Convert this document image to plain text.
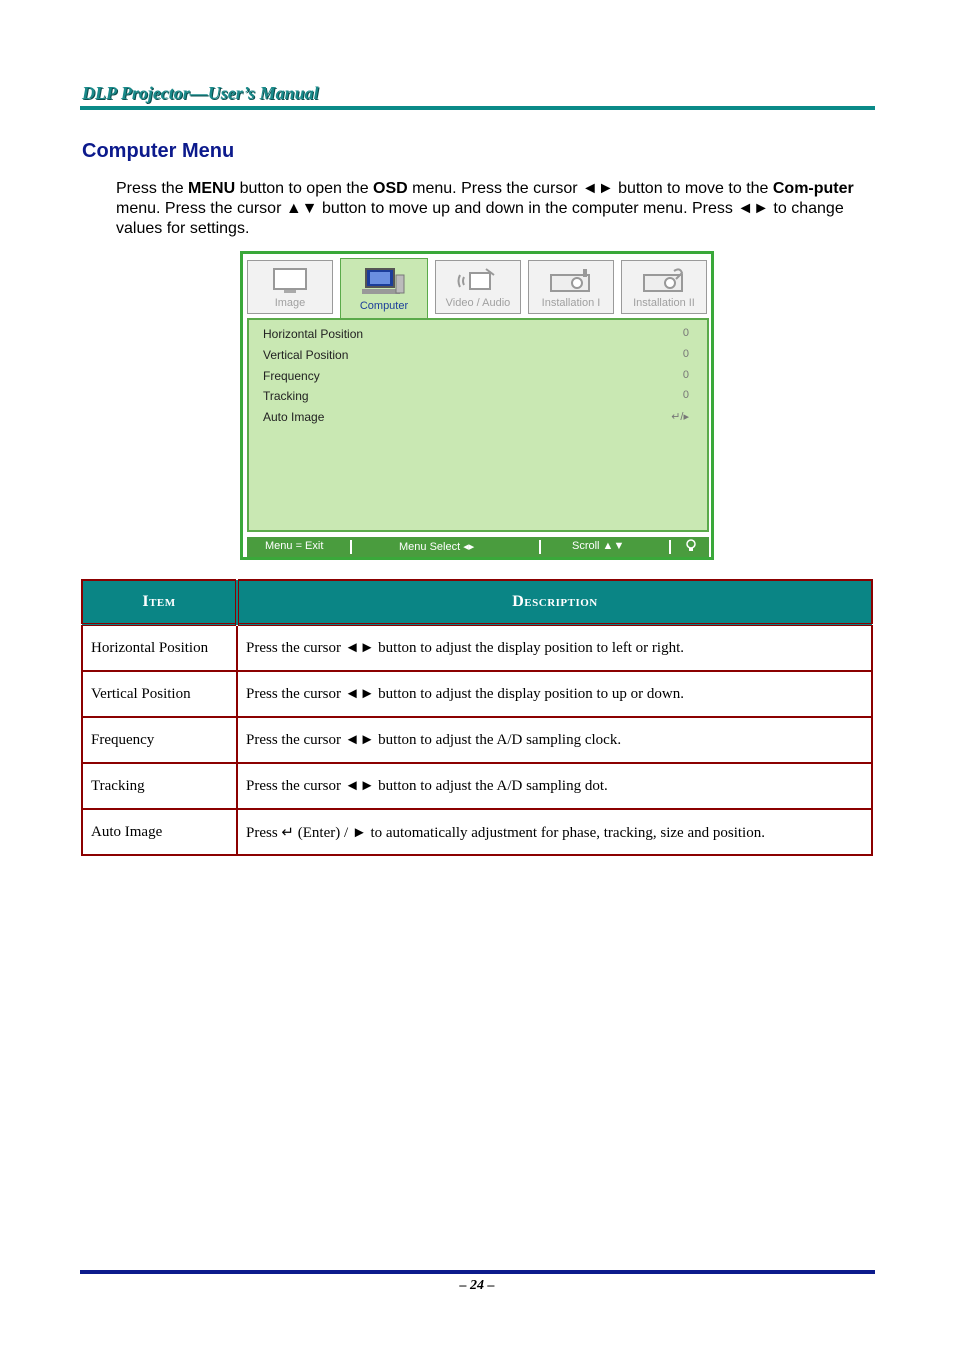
DLP Projector—User’s Manual
Computer Menu
Press the MENU button to open the OSD menu. Press the cursor ◄► button to move to the Com-puter menu. Press the cursor ▲▼ button to move up and down in the computer menu. Press ◄► to change values for settings.
Image	Computer	Video / Audio	Installation I	Installation II
Horizontal Position	0
Vertical Position	0
Frequency	0
Tracking	0
Auto Image	↵/▸
Menu = Exit	Menu Select ◂▸	Scroll ▲▼
Item	Description
Horizontal Position	Press the cursor ◄► button to adjust the display position to left or right.
Vertical Position	Press the cursor ◄► button to adjust the display position to up or down.
Frequency	Press the cursor ◄► button to adjust the A/D sampling clock.
Tracking	Press the cursor ◄► button to adjust the A/D sampling dot.
Auto Image	Press ↵ (Enter) / ► to automatically adjustment for phase, tracking, size and position.
– 24 –
